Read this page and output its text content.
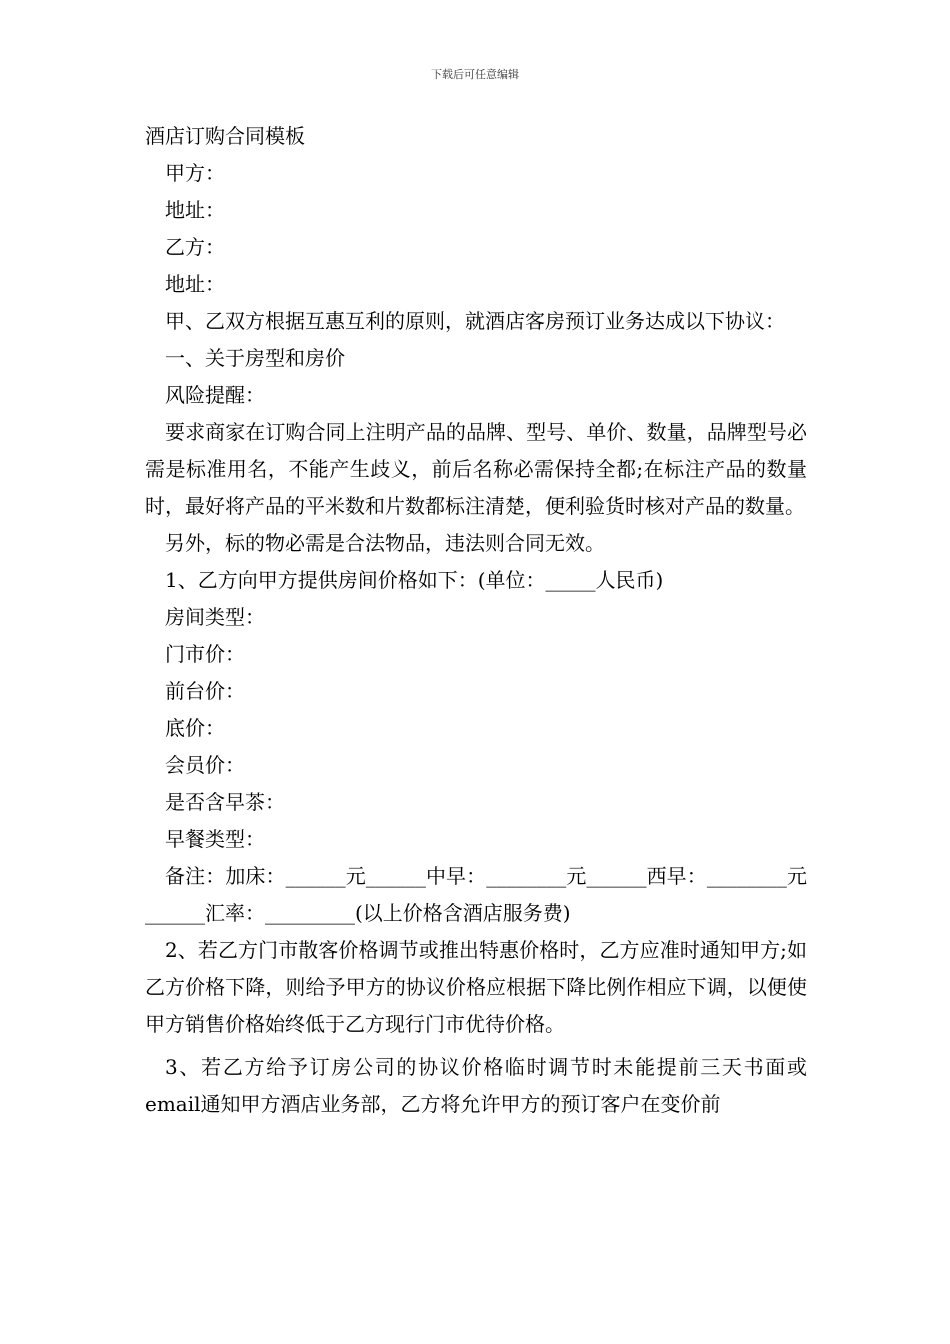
下载后可任意编辑

酒店订购合同模板

甲方：

地址：

乙方：

地址：

甲、乙双方根据互惠互利的原则，就酒店客房预订业务达成以下协议：

一、关于房型和房价

风险提醒：

要求商家在订购合同上注明产品的品牌、型号、单价、数量，品牌型号必需是标准用名，不能产生歧义，前后名称必需保持全都;在标注产品的数量时，最好将产品的平米数和片数都标注清楚，便利验货时核对产品的数量。

另外，标的物必需是合法物品，违法则合同无效。

1、乙方向甲方提供房间价格如下：(单位：_____人民币)

房间类型：

门市价：

前台价：

底价：

会员价：

是否含早茶：

早餐类型：

备注：加床：______元______中早：________元______西早：________元______汇率：_________(以上价格含酒店服务费)

2、若乙方门市散客价格调节或推出特惠价格时，乙方应准时通知甲方;如乙方价格下降，则给予甲方的协议价格应根据下降比例作相应下调，以便使甲方销售价格始终低于乙方现行门市优待价格。

3、若乙方给予订房公司的协议价格临时调节时未能提前三天书面或email通知甲方酒店业务部，乙方将允许甲方的预订客户在变价前
